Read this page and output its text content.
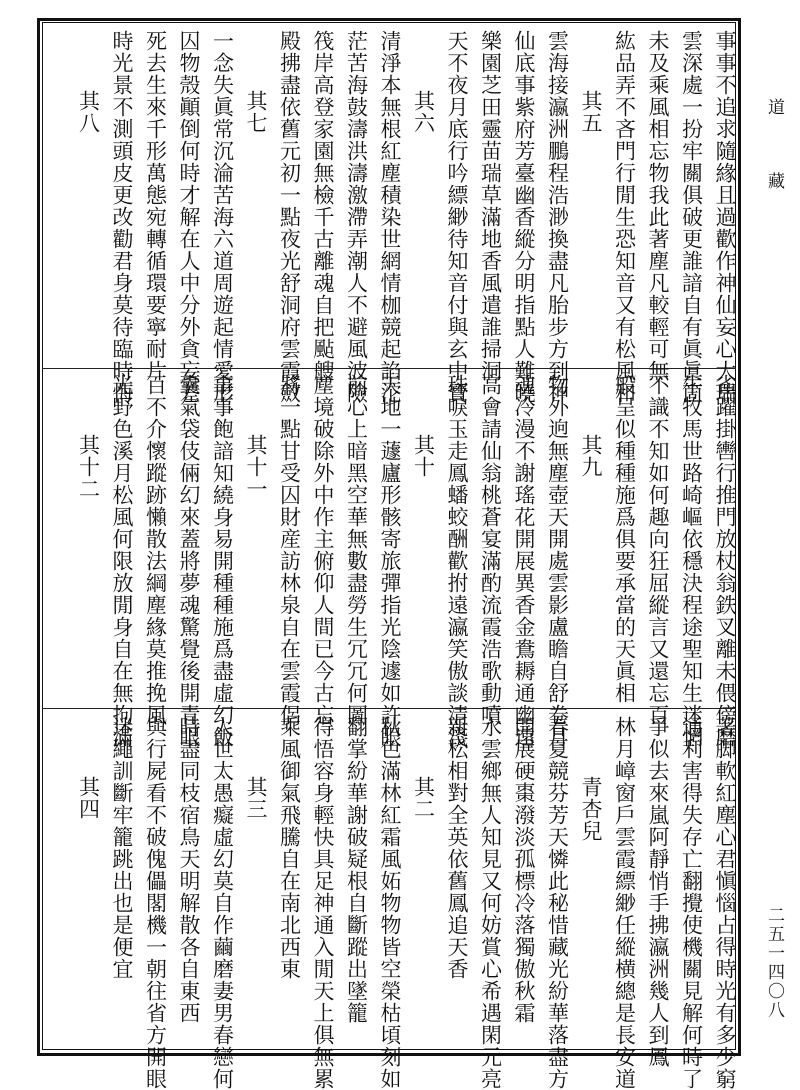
道
藏
二五一四〇八
事事不追求隨緣且過歡作神仙妄心大瑞
雲深處一扮牢關俱破更誰諳自有眞眞箇
未及乘風相忘物我此著塵凡較輕可無
紘品弄不吝門行閒生恐知音又有松風和
其五
雲海接瀛洲鵬程浩渺換盡凡胎步方到神
仙底事紫府芳臺幽香縱分明指點人難曉
樂園芝田靈苗瑞草滿地香風遣誰掃洞
天不夜月底行吟縹緲待知音付與玄中寶
其六
清淨本無根紅塵積染世網情枷競起諂沱
茫苦海鼓濤洪濤激滯弄潮人不避風波險
筏岸高登家園無檢千古離魂自把颭艘
殿拂盡依舊元初一點夜光舒洞府雲霞斂
其七
一念失眞常沉淪苦海六道周遊起情愛形
囚物殼顚倒何時才解在人中分外貪妄差
死去生來千形萬態宛轉循環要寧耐片
時光景不測頭皮更改勸君身莫待臨時悔
其八
雀躍掛轡行推門放杖翁鉄叉離未偎傍磨
牛牧馬世路崎嶇依穩決程途聖知生迷惘
不識不知如何趣向狂屈縱言又還忘百
般呈似種種施爲俱要承當的天眞相
其九
物外逈無塵壺天開處雲影盧瞻自舒卷月
魂冷漫不謝瑤花開展異香金鴦耨通幽遠
高會請仙翁桃蒼宴滿酌流霞浩歌動噴
珠唳玉走鳳蟠蛟酬歡拊遠瀛笑傲談清淺
其十
天地一蘧廬形骸寄旅彈指光陰遽如許眼
前心上暗黑空華無數盡勞生冗冗何圖
塵境破除外中作主俯仰人間已今古忘
將一點甘受囚財産訪林泉自在雲霞侶
其十一
事事飽諳知繞身易開種種施爲盡虛幻飯
囊氣袋伎倆幻來蓋將夢魂驚覺後開青眼
百不介懷蹤跡懶散法綱塵緣莫推挽風
光野色溪月松風何限放閒身自在無拘滿
其十二
著脚軟紅塵心君愼惱占得時光有多少窮
通利害得失存亡翻攪使機關見解何時了
爭似去來嵐阿靜悄手拂瀛洲幾人到鳳
林月嶂窗戶雲霞縹緲任縱横總是長安道
青杏兒
春夏競芬芳天憐此秘惜藏光紛華落盡方
開展硬棗潑淡孤標冷落獨傲秋霜
水雲鄉無人知見又何妨賞心希遇閑元亮
新松相對全英依舊鳳追天香
其二
秋色滿林紅霜風妬物物皆空榮枯頃刻如
翻掌紛華謝破疑根自斷蹤出墜籠
得悟容身輕快具足神通入閒天上俱無累
乘風御氣飛騰自在南北西東
其三
人世太愚癡虛幻莫自作繭磨妻男春戀何
時盡同枝宿鳥天明解散各自東西
與行屍看不破傀儡閣機一朝往省方開眼
迷繩訓斷牢籠跳出也是便宜
其四
